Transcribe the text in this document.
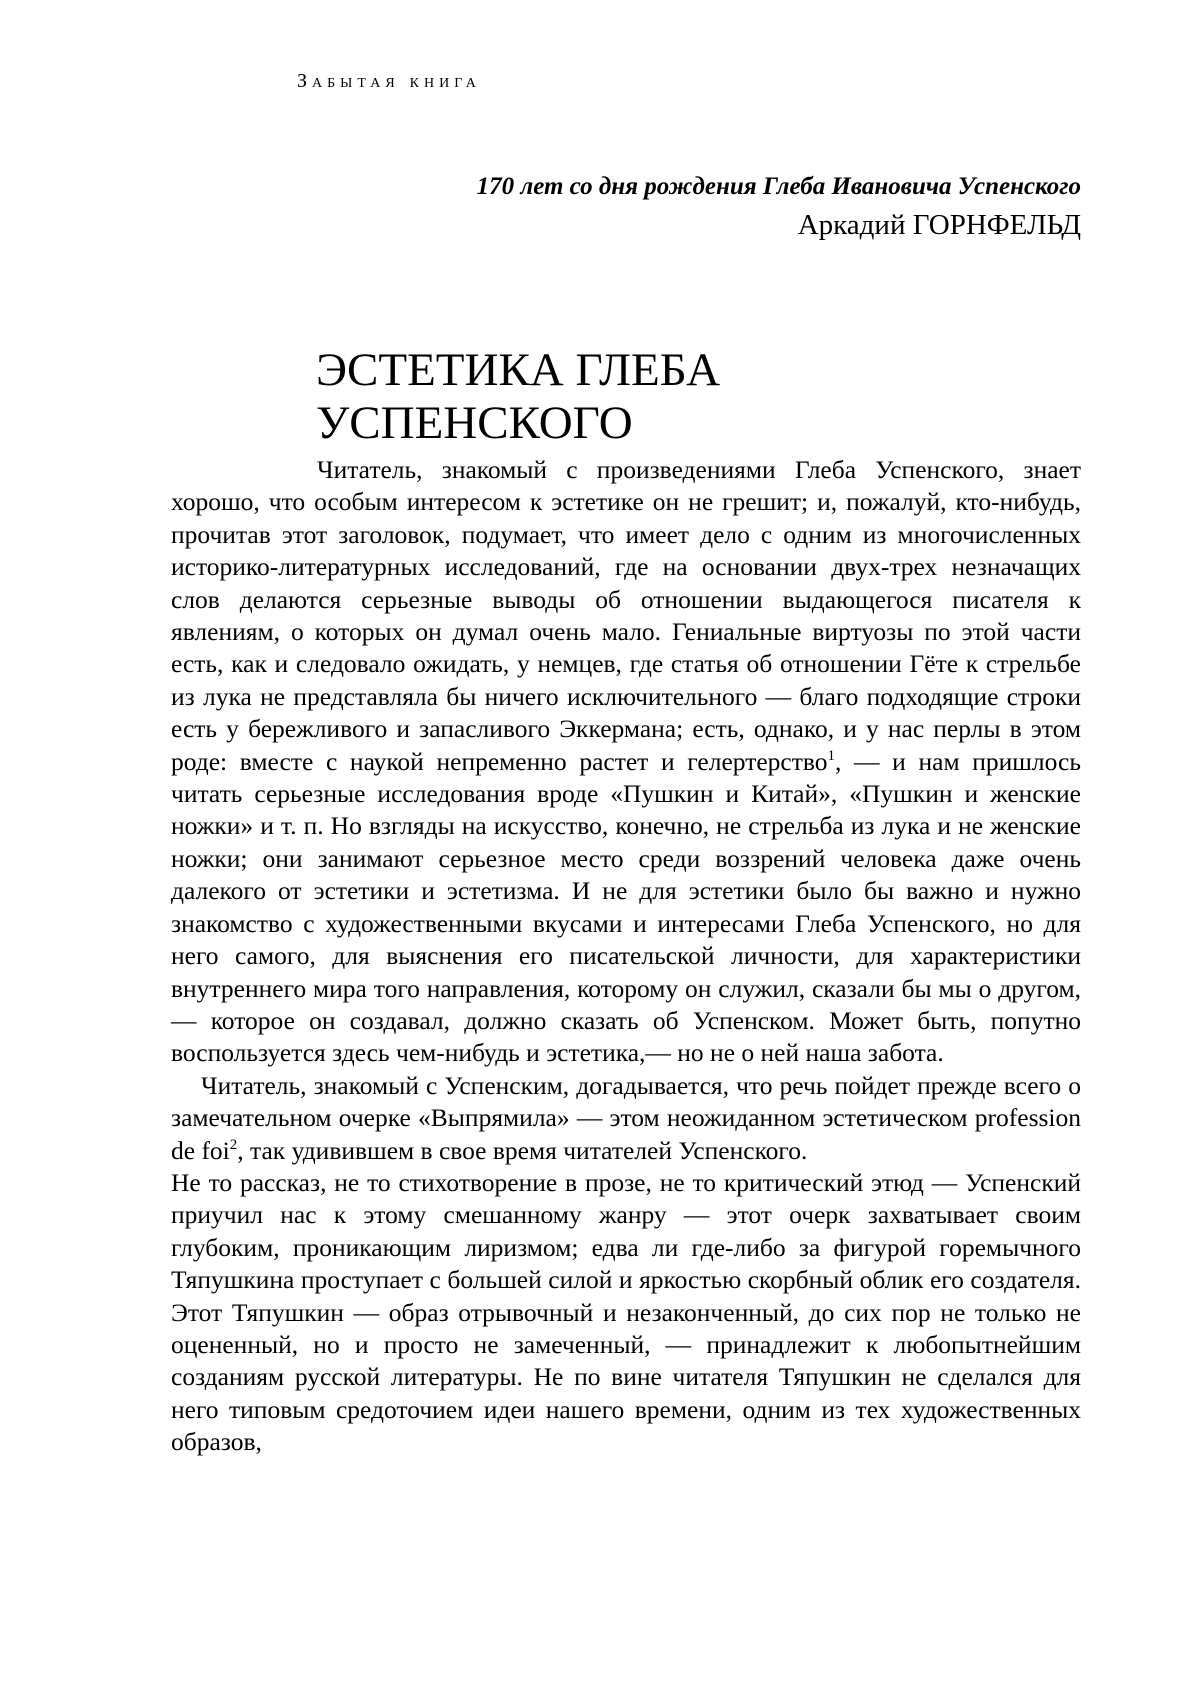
Забытая книга
170 лет со дня рождения Глеба Ивановича Успенского
Аркадий ГОРНФЕЛЬД
ЭСТЕТИКА ГЛЕБА
УСПЕНСКОГО

Читатель, знакомый с произведениями Глеба Успенского, знает хорошо, что особым интересом к эстетике он не грешит; и, пожалуй, кто-нибудь, прочитав этот заголовок, подумает, что имеет дело с одним из многочисленных историко-литературных исследований, где на основании двух-трех незначащих слов делаются серьезные выводы об отношении выдающегося писателя к явлениям, о которых он думал очень мало. Гениальные виртуозы по этой части есть, как и следовало ожидать, у немцев, где статья об отношении Гёте к стрельбе из лука не представляла бы ничего исключительного — благо подходящие строки есть у бережливого и запасливого Эккермана; есть, однако, и у нас перлы в этом роде: вместе с наукой непременно растет и гелертерство$^1$, — и нам пришлось читать серьезные исследования вроде «Пушкин и Китай», «Пушкин и женские ножки» и т. п. Но взгляды на искусство, конечно, не стрельба из лука и не женские ножки; они занимают серьезное место среди воззрений человека даже очень далекого от эстетики и эстетизма. И не для эстетики было бы важно и нужно знакомство с художественными вкусами и интересами Глеба Успенского, но для него самого, для выяснения его писательской личности, для характеристики внутреннего мира того направления, которому он служил, сказали бы мы о другом,— которое он создавал, должно сказать об Успенском. Может быть, попутно воспользуется здесь чем-нибудь и эстетика,— но не о ней наша забота.

Читатель, знакомый с Успенским, догадывается, что речь пойдет прежде всего о замечательном очерке «Выпрямила» — этом неожиданном эстетическом profession de foi$^2$, так удивившем в свое время читателей Успенского.

Не то рассказ, не то стихотворение в прозе, не то критический этюд — Успенский приучил нас к этому смешанному жанру — этот очерк захватывает своим глубоким, проникающим лиризмом; едва ли где-либо за фигурой горемычного Тяпушкина проступает с большей силой и яркостью скорбный облик его создателя. Этот Тяпушкин — образ отрывочный и незаконченный, до сих пор не только не оцененный, но и просто не замеченный, — принадлежит к любопытнейшим созданиям русской литературы. Не по вине читателя Тяпушкин не сделался для него типовым средоточием идеи нашего времени, одним из тех художественных образов,
